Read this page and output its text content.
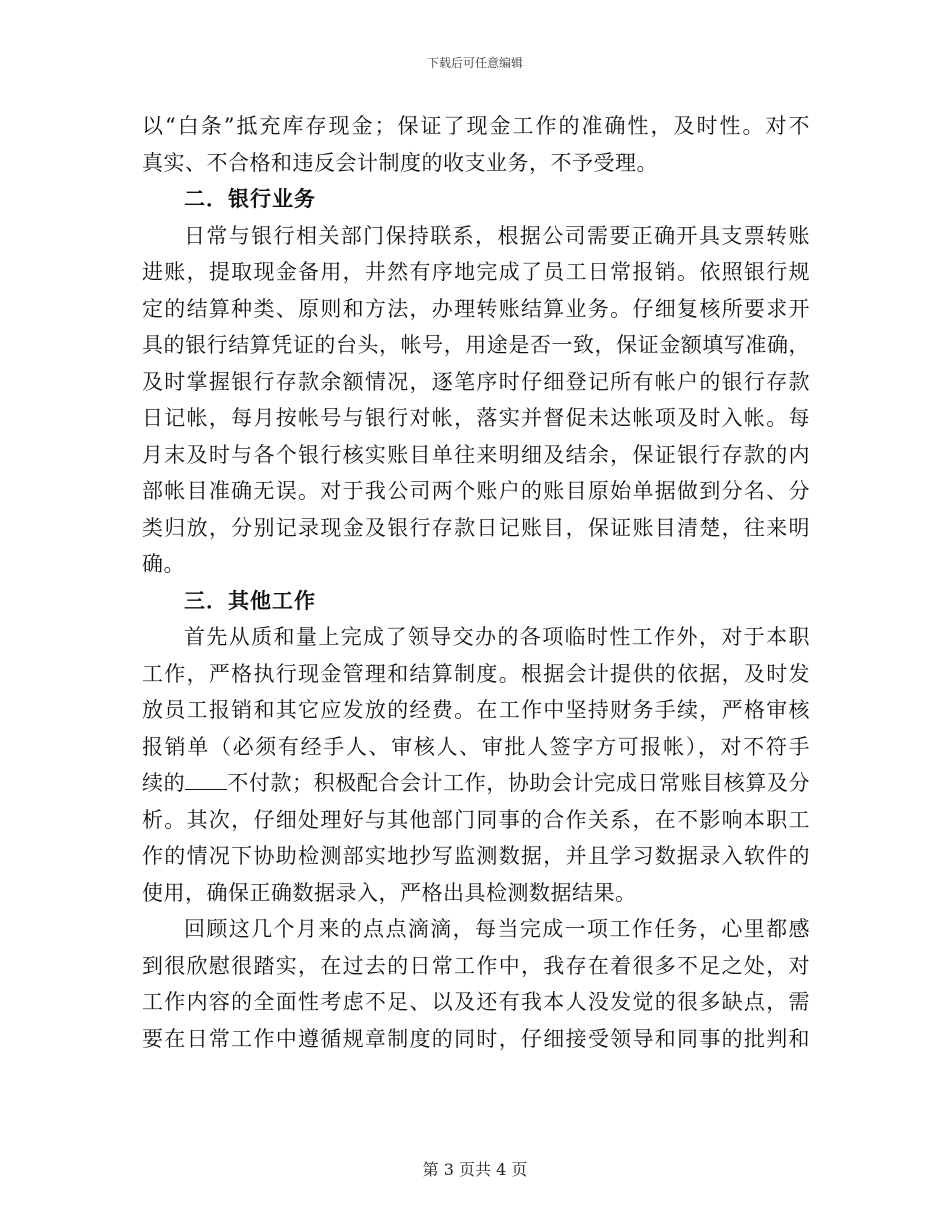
下载后可任意编辑
以“白条”抵充库存现金；保证了现金工作的准确性，及时性。对不
真实、不合格和违反会计制度的收支业务，不予受理。
二．银行业务
日常与银行相关部门保持联系，根据公司需要正确开具支票转账
进账，提取现金备用，井然有序地完成了员工日常报销。依照银行规
定的结算种类、原则和方法，办理转账结算业务。仔细复核所要求开
具的银行结算凭证的台头，帐号，用途是否一致，保证金额填写准确，
及时掌握银行存款余额情况，逐笔序时仔细登记所有帐户的银行存款
日记帐，每月按帐号与银行对帐，落实并督促未达帐项及时入帐。每
月末及时与各个银行核实账目单往来明细及结余，保证银行存款的内
部帐目准确无误。对于我公司两个账户的账目原始单据做到分名、分
类归放，分别记录现金及银行存款日记账目，保证账目清楚，往来明
确。
三．其他工作
首先从质和量上完成了领导交办的各项临时性工作外，对于本职
工作，严格执行现金管理和结算制度。根据会计提供的依据，及时发
放员工报销和其它应发放的经费。在工作中坚持财务手续，严格审核
报销单（必须有经手人、审核人、审批人签字方可报帐），对不符手
续的 不付款；积极配合会计工作，协助会计完成日常账目核算及分
析。其次，仔细处理好与其他部门同事的合作关系，在不影响本职工
作的情况下协助检测部实地抄写监测数据，并且学习数据录入软件的
使用，确保正确数据录入，严格出具检测数据结果。
回顾这几个月来的点点滴滴，每当完成一项工作任务，心里都感
到很欣慰很踏实，在过去的日常工作中，我存在着很多不足之处，对
工作内容的全面性考虑不足、以及还有我本人没发觉的很多缺点，需
要在日常工作中遵循规章制度的同时，仔细接受领导和同事的批判和
第 3 页共 4 页
